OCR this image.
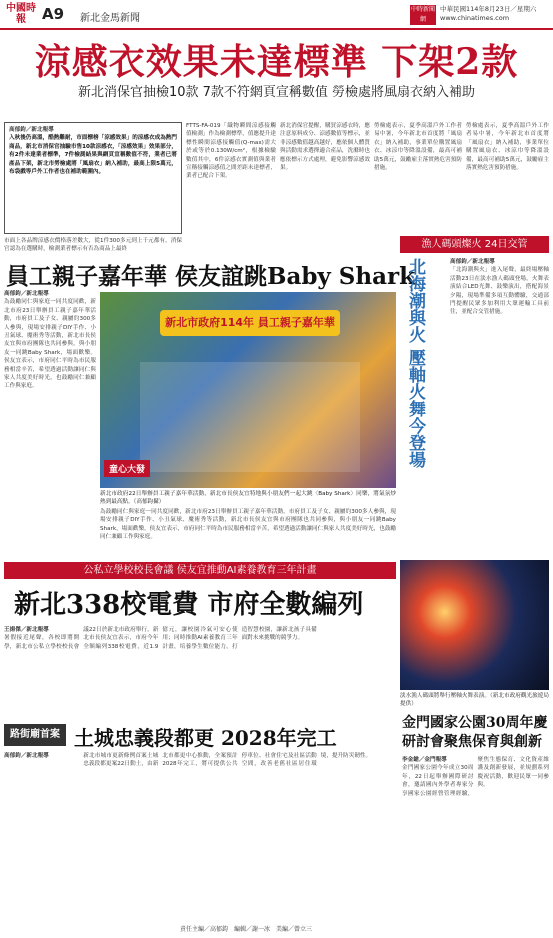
中國時報	A9 新北金馬新聞
中時新聞網
中華民國114年8月23日／星期六
www.chinatimes.com
涼感衣效果未達標準 下架2款
新北消保官抽檢10款 7款不符網頁宣稱數值 勞檢處將風扇衣納入補助
高郁鈞／新北報導
入秋後仍高溫，酷熱難耐，市面標榜「涼感效果」的涼感衣成為熱門商品，新北市消保官抽驗市售10款涼感衣，「涼感效果」效果部分，有2件未達業者標準，7件檢測結果與網頁宣稱數值不符，業者已將產品下架，新北市勞檢處將「風扇衣」納入補助，最高上限5萬元，布袋戲等戶外工作者也在補助範圍內。
市面上各品牌涼感衣價格落差數大，從1件300多元到上千元都有，消保官認為在選購時，檢測業者標示有否為商品上最終
FTTS-FA-019「織物瞬間涼感接觸值檢測」作為檢測標準，值應提升達標性瞬間涼感接觸值(Q-max)需大於或等於0.130W/cm²，根據檢驗數值其中，6件涼感衣實測值與業者宣稱接觸涼感值之間差距未達標者，業者已配合下架。
新北消保官提醒，購買涼感衣時，應注意原料成分、涼感數值等標示，並非涼感數值越高越好，應依個人體質與活動需求選擇適合產品，洗滌時也應依標示方式處理，避免影響涼感效果。
勞檢處表示，夏季高溫戶外工作者易中暑，今年新北市首度將「風扇衣」納入補助，事業單位購置風扇衣、冰涼巾等降溫設備，最高可補助5萬元，鼓勵雇主落實熱危害預防措施。
勞檢處表示，夏季高溫戶外工作者易中暑，今年新北市首度將「風扇衣」納入補助，事業單位購置風扇衣、冰涼巾等降溫設備，最高可補助5萬元，鼓勵雇主落實熱危害預防措施。
員工親子嘉年華 侯友誼跳Baby Shark
高郁鈞／新北報導
為鼓勵同仁與家庭一同共度同歡，新北市府23日舉辦員工親子嘉年華活動，市府員工及子女、親屬約300多人參與，現場安排親子DIY手作、小丑氣球、魔術秀等活動，新北市長侯友宜與市府團隊也共同參與，與小朋友一同跳Baby Shark，場面歡樂。侯友宜表示，市府同仁平時為市民服務相當辛苦，希望透過活動讓同仁與家人共度美好時光，也鼓勵同仁兼顧工作與家庭。
新北市政府114年 員工親子嘉年華
童心大發
新北市政府22日舉辦員工親子嘉年華活動，新北市長侯友宜特地與小朋友們一起大跳〈Baby Shark〉同樂，將氣氛炒熱到最高點。（高郁鈞攝）
為鼓勵同仁與家庭一同共度同歡，新北市府23日舉辦員工親子嘉年華活動，市府員工及子女、親屬約300多人參與，現場安排親子DIY手作、小丑氣球、魔術秀等活動，新北市長侯友宜與市府團隊也共同參與，與小朋友一同跳Baby Shark，場面歡樂。侯友宜表示，市府同仁平時為市民服務相當辛苦，希望透過活動讓同仁與家人共度美好時光，也鼓勵同仁兼顧工作與家庭。
漁人碼頭燦火 24日交管
北海潮與火 壓軸火舞今登場	高郁鈞／新北報導
「北海潮與火」進入尾聲，最終場壓軸活動23日在淡水漁人碼頭登場，火舞表演結合LED光舞、鼓樂演出，搭配海景夕陽，現場準備多項互動體驗，交通部門提醒民眾多加利用大眾運輸工具前往，並配合交管措施。
淡水漁人碼頭將舉行壓軸火舞表演。（新北市政府觀光旅遊局提供）
公私立學校校長會議 侯友宜推動AI素養教育三年計畫
新北338校電費 市府全數編列
王揚傑／新北報導
暑假接近尾聲，各校即將開學，新北市公私立學校校長會議22日於新北市政府舉行，新北市長侯友宜表示，市府今年全額編列338校電費，近1.9億元，讓校園冷氣可安心使用；同時推動AI素養教育三年計畫，培養學生數位能力，打造智慧校園，讓新北孩子具備面對未來挑戰的競爭力。
路街廟首案 土城忠義段都更 2028年完工
高郁鈞／新北報導	新北市城市更新條例首案土城忠義段都更案22日動土，由新北市都更中心推動，全案預計2028年完工，將可提供公共停車位、社會住宅及社區活動空間，改善老舊社區居住環境，提升防災韌性。
金門國家公園30周年慶 研討會聚焦保育與創新
李金鎗／金門報導
金門國家公園今年成立30周年，22日起舉辦國際研討會，邀請國內外學者專家分享國家公園經營管理經驗，聚焦生態保育、文化資產維護及創新發展，並規劃系列慶祝活動，歡迎民眾一同參與。
責任主編／高郁鈞　編輯／謝一冰　美編／曾立三
